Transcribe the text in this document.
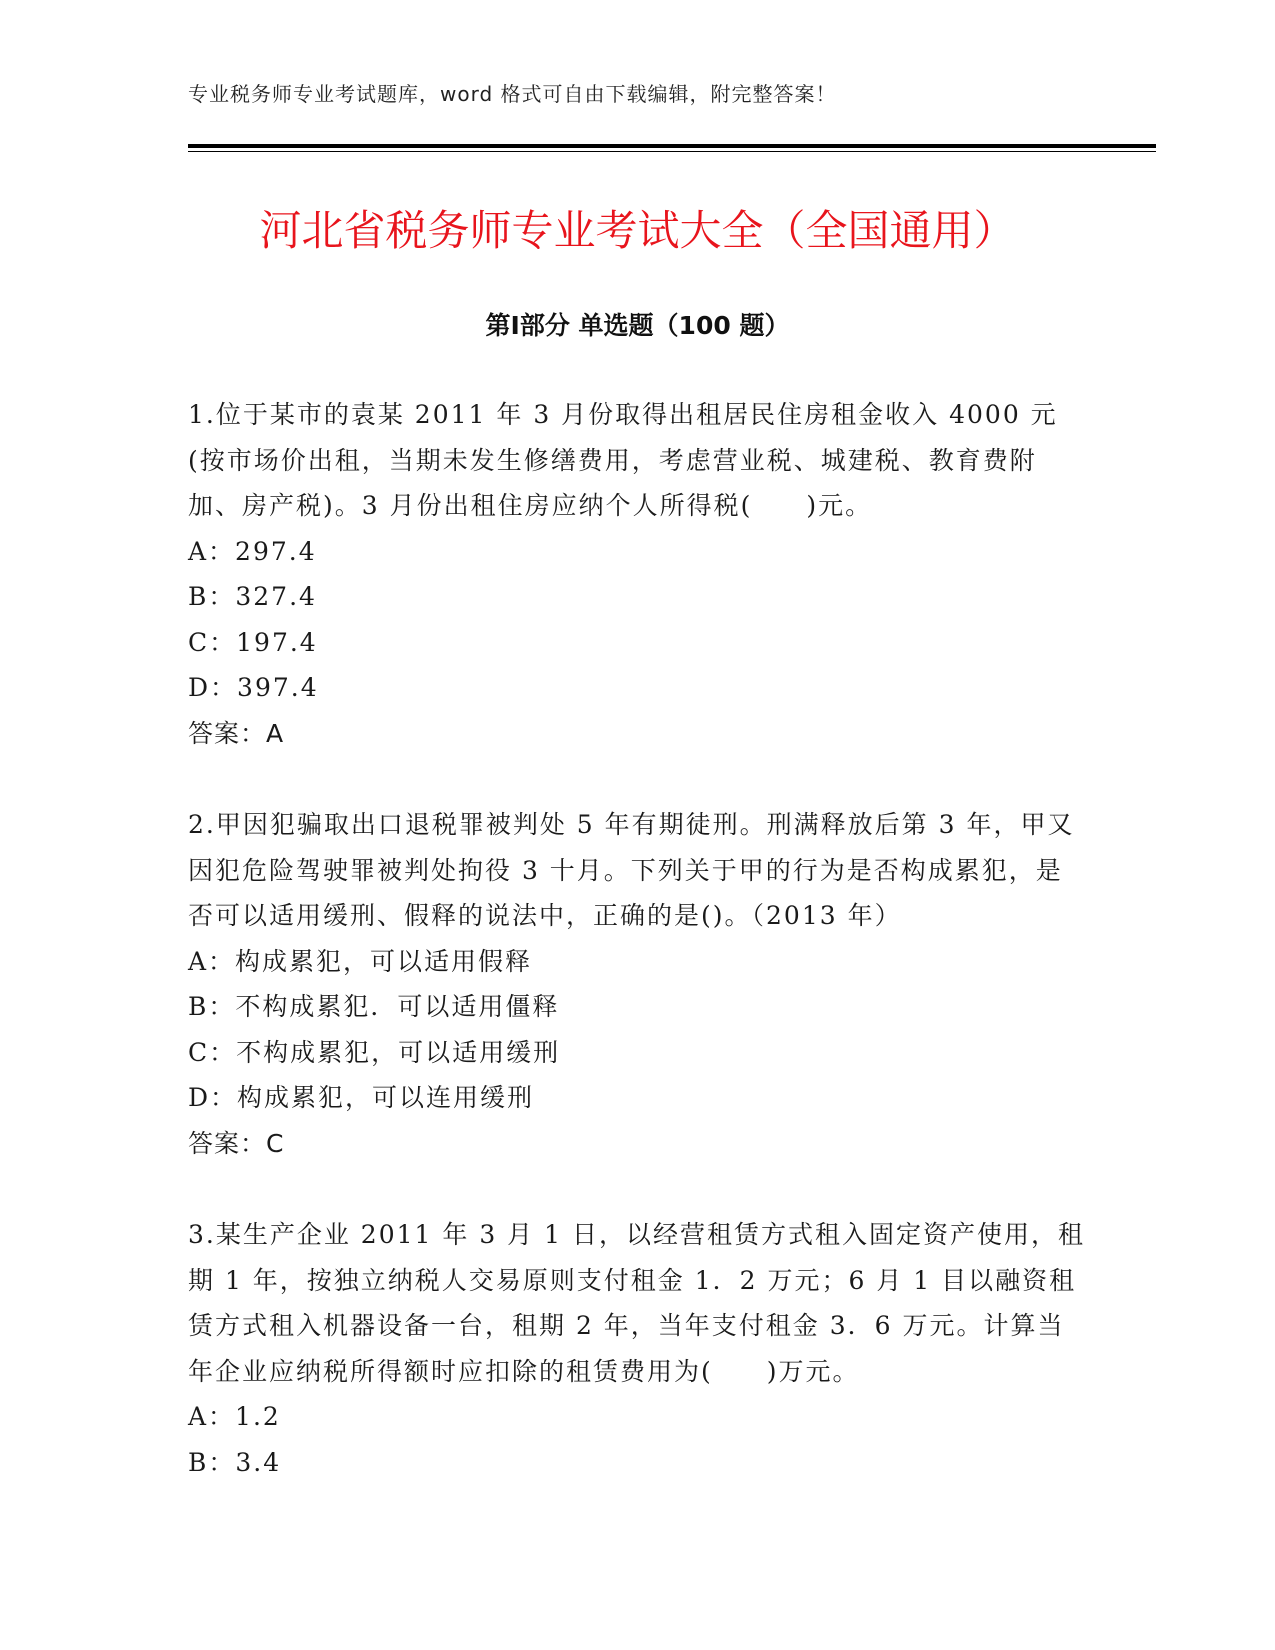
专业税务师专业考试题库，word 格式可自由下载编辑，附完整答案！
河北省税务师专业考试大全（全国通用）
第Ⅰ部分 单选题（100 题）
1.位于某市的袁某 2011 年 3 月份取得出租居民住房租金收入 4000 元(按市场价出租，当期未发生修缮费用，考虑营业税、城建税、教育费附加、房产税)。3 月份出租住房应纳个人所得税(　　)元。
A：297.4
B：327.4
C：197.4
D：397.4
答案：A
2.甲因犯骗取出口退税罪被判处 5 年有期徒刑。刑满释放后第 3 年，甲又因犯危险驾驶罪被判处拘役 3 十月。下列关于甲的行为是否构成累犯，是否可以适用缓刑、假释的说法中，正确的是()。（2013 年）
A：构成累犯，可以适用假释
B：不构成累犯．可以适用僵释
C：不构成累犯，可以适用缓刑
D：构成累犯，可以连用缓刑
答案：C
3.某生产企业 2011 年 3 月 1 日，以经营租赁方式租入固定资产使用，租期 1 年，按独立纳税人交易原则支付租金 1．2 万元；6 月 1 目以融资租赁方式租入机器设备一台，租期 2 年，当年支付租金 3．6 万元。计算当年企业应纳税所得额时应扣除的租赁费用为(　　)万元。
A：1.2
B：3.4
